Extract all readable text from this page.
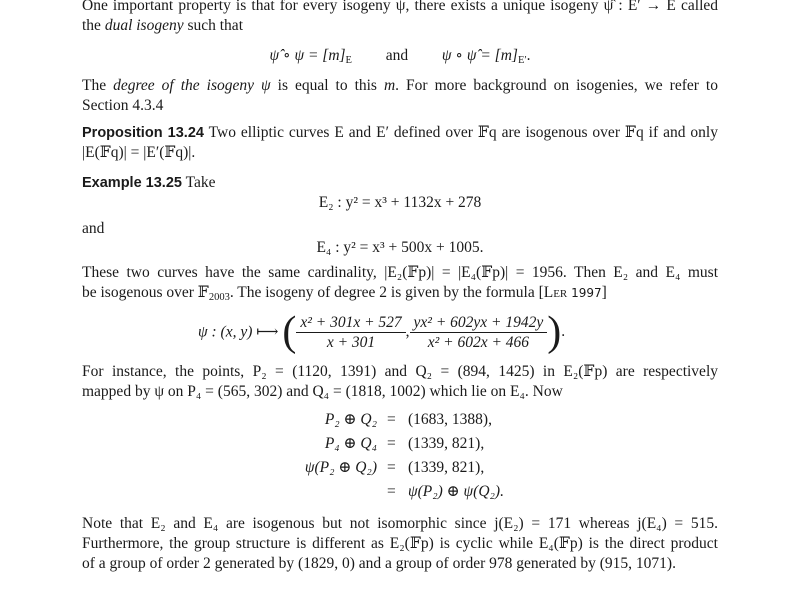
One important property is that for every isogeny ψ, there exists a unique isogeny ψ̂ : E′ → E called
the dual isogeny such that
ψ̂ ∘ $\psi = [m]_E$ and ψ ∘ ψ̂ = $[m]_{E'}$.
The degree of the isogeny ψ is equal to this m. For more background on isogenies, we refer to
Section 4.3.4
Proposition 13.24 Two elliptic curves E and E′ defined over 𝔽q are isogenous over 𝔽q if and only
|E(𝔽q)| = |E′(𝔽q)|.
Example 13.25 Take
E₂ : y² = x³ + 1132x + 278
and
E₄ : y² = x³ + 500x + 1005.
These two curves have the same cardinality, |E₂(𝔽p)| = |E₄(𝔽p)| = 1956. Then E₂ and E₄ must
be isogenous over 𝔽$_{2003}$. The isogeny of degree 2 is given by the formula [Ler 1997]
ψ : (x, y) ⟼ ( $\frac{\text{x² + 301x + 527}}{x + 301}$ , $\frac{\text{yx² + 602yx + 1942y}}{\text{x² + 602x + 466}}$ ).
For instance, the points, P₂ = (1120, 1391) and Q₂ = (894, 1425) in E₂(𝔽p) are respectively
mapped by ψ on P₄ = (565, 302) and Q₄ = (1818, 1002) which lie on E₄. Now
P₂ ⊕ Q₂ = (1683, 1388),
P₄ ⊕ Q₄ = (1339, 821),
ψ(P₂ ⊕ Q₂) = (1339, 821),
= ψ(P₂) ⊕ ψ(Q₂).
Note that E₂ and E₄ are isogenous but not isomorphic since j(E₂) = 171 whereas j(E₄) = 515.
Furthermore, the group structure is different as E₂(𝔽p) is cyclic while E₄(𝔽p) is the direct product
of a group of order 2 generated by (1829, 0) and a group of order 978 generated by (915, 1071).
